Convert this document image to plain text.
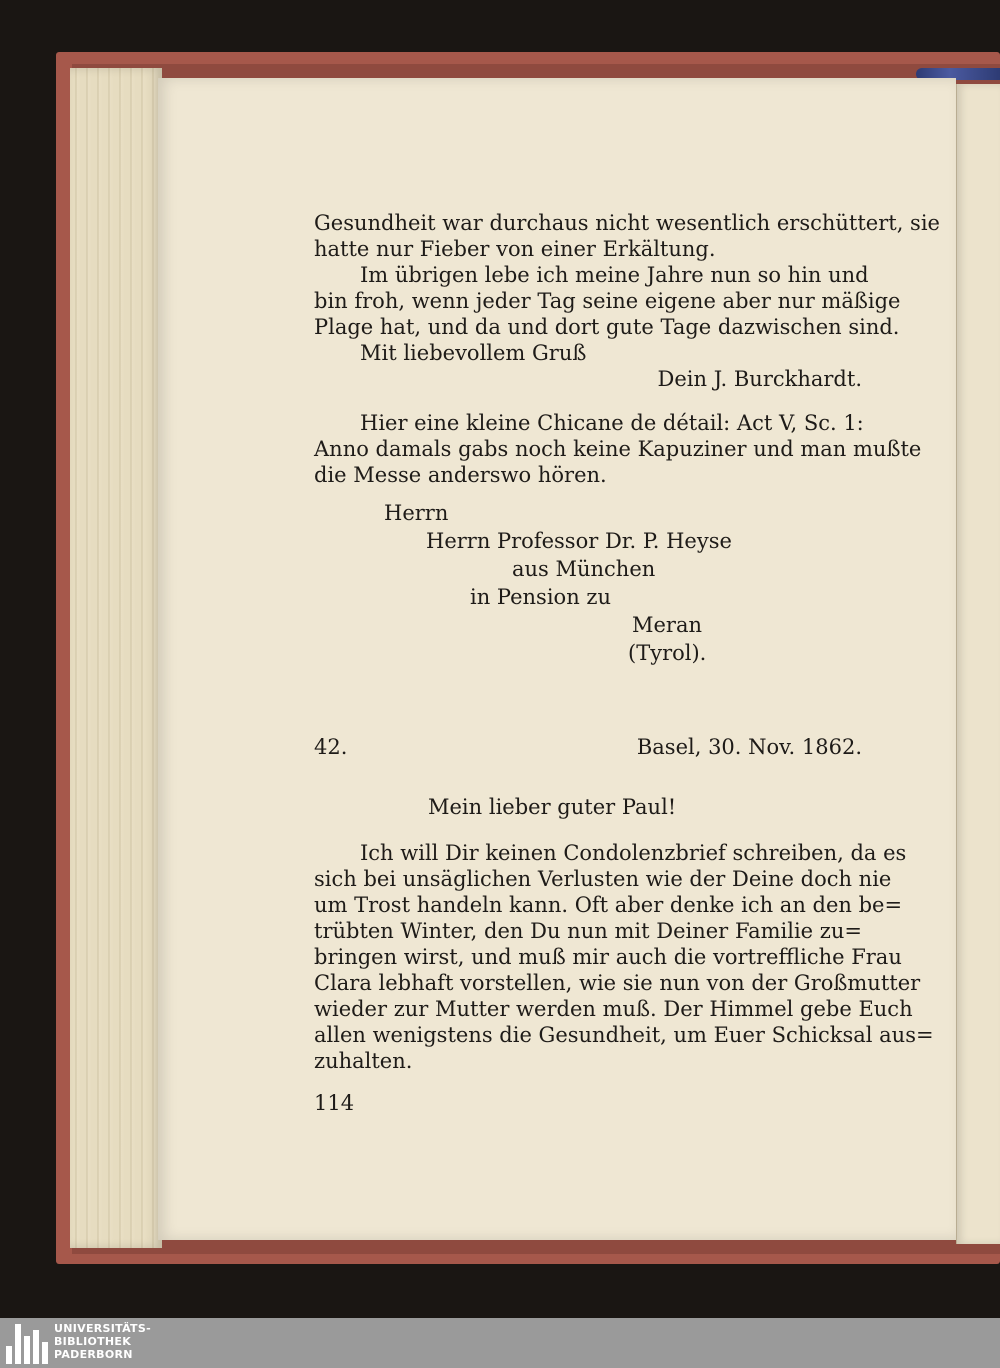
Gesundheit war durchaus nicht wesentlich erschüttert, sie

hatte nur Fieber von einer Erkältung.

Im übrigen lebe ich meine Jahre nun so hin und

bin froh, wenn jeder Tag seine eigene aber nur mäßige

Plage hat, und da und dort gute Tage dazwischen sind.

Mit liebevollem Gruß

Dein J. Burckhardt.

Hier eine kleine Chicane de détail: Act V, Sc. 1:

Anno damals gabs noch keine Kapuziner und man mußte

die Messe anderswo hören.

Herrn

Herrn Professor Dr. P. Heyse

aus München

in Pension zu

Meran

(Tyrol).

42.	Basel, 30. Nov. 1862.

Mein lieber guter Paul!

Ich will Dir keinen Condolenzbrief schreiben, da es

sich bei unsäglichen Verlusten wie der Deine doch nie

um Trost handeln kann. Oft aber denke ich an den be=

trübten Winter, den Du nun mit Deiner Familie zu=

bringen wirst, und muß mir auch die vortreffliche Frau

Clara lebhaft vorstellen, wie sie nun von der Großmutter

wieder zur Mutter werden muß. Der Himmel gebe Euch

allen wenigstens die Gesundheit, um Euer Schicksal aus=

zuhalten.

114

UNIVERSITÄTS-
BIBLIOTHEK
PADERBORN
